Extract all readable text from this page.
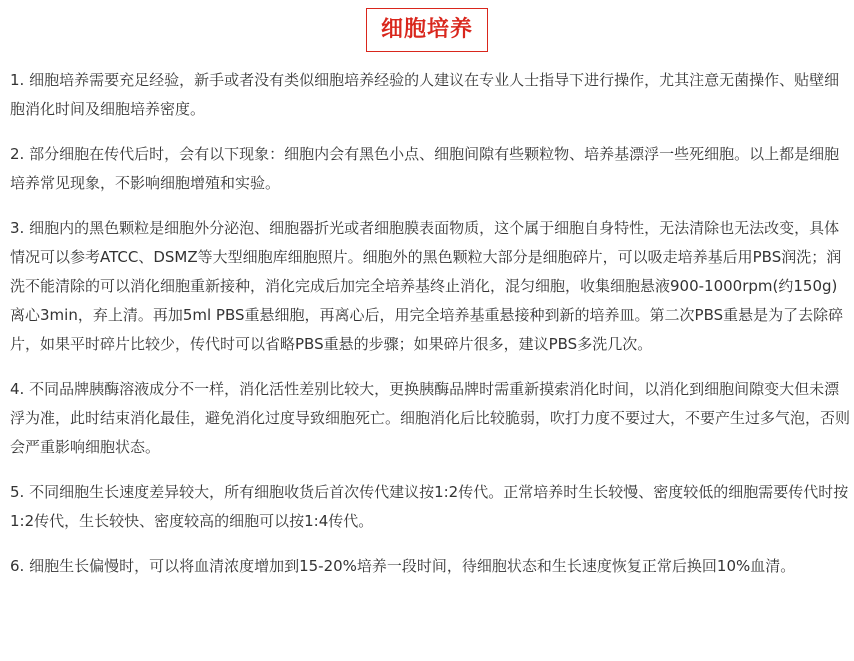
细胞培养

1. 细胞培养需要充足经验，新手或者没有类似细胞培养经验的人建议在专业人士指导下进行操作，尤其注意无菌操作、贴壁细胞消化时间及细胞培养密度。

2. 部分细胞在传代后时，会有以下现象：细胞内会有黑色小点、细胞间隙有些颗粒物、培养基漂浮一些死细胞。以上都是细胞培养常见现象，不影响细胞增殖和实验。

3. 细胞内的黑色颗粒是细胞外分泌泡、细胞器折光或者细胞膜表面物质，这个属于细胞自身特性，无法清除也无法改变，具体情况可以参考ATCC、DSMZ等大型细胞库细胞照片。细胞外的黑色颗粒大部分是细胞碎片，可以吸走培养基后用PBS润洗；润洗不能清除的可以消化细胞重新接种，消化完成后加完全培养基终止消化，混匀细胞，收集细胞悬液900-1000rpm(约150g)离心3min，弃上清。再加5ml PBS重悬细胞，再离心后，用完全培养基重悬接种到新的培养皿。第二次PBS重悬是为了去除碎片，如果平时碎片比较少，传代时可以省略PBS重悬的步骤；如果碎片很多，建议PBS多洗几次。

4. 不同品牌胰酶溶液成分不一样，消化活性差别比较大，更换胰酶品牌时需重新摸索消化时间，以消化到细胞间隙变大但未漂浮为准，此时结束消化最佳，避免消化过度导致细胞死亡。细胞消化后比较脆弱，吹打力度不要过大，不要产生过多气泡，否则会严重影响细胞状态。

5. 不同细胞生长速度差异较大，所有细胞收货后首次传代建议按1:2传代。正常培养时生长较慢、密度较低的细胞需要传代时按1:2传代，生长较快、密度较高的细胞可以按1:4传代。

6. 细胞生长偏慢时，可以将血清浓度增加到15-20%培养一段时间，待细胞状态和生长速度恢复正常后换回10%血清。
